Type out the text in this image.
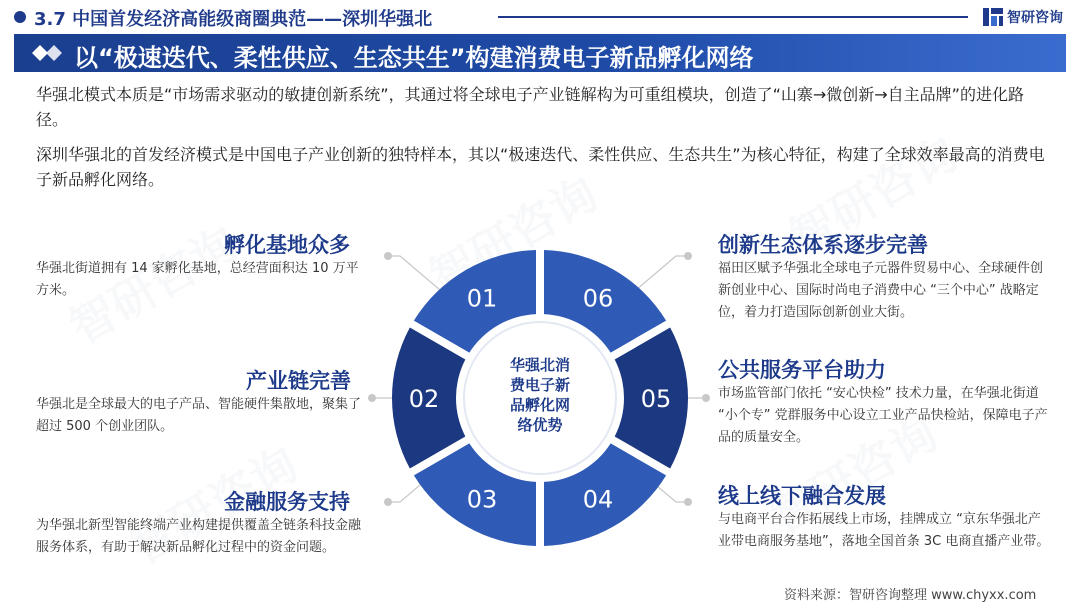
3.7 中国首发经济高能级商圈典范——深圳华强北	智研咨询
以“极速迭代、柔性供应、生态共生”构建消费电子新品孵化网络
华强北模式本质是“市场需求驱动的敏捷创新系统”，其通过将全球电子产业链解构为可重组模块，创造了“山寨→微创新→自主品牌”的进化路径。
深圳华强北的首发经济模式是中国电子产业创新的独特样本，其以“极速迭代、柔性供应、生态共生”为核心特征，构建了全球效率最高的消费电子新品孵化网络。
01
02
03	04
05
06
华强北消
费电子新
品孵化网
络优势
孵化基地众多
华强北街道拥有 14 家孵化基地，总经营面积达 10 万平方米。
产业链完善
华强北是全球最大的电子产品、智能硬件集散地，聚集了超过 500 个创业团队。
金融服务支持
为华强北新型智能终端产业构建提供覆盖全链条科技金融服务体系，有助于解决新品孵化过程中的资金问题。
创新生态体系逐步完善
福田区赋予华强北全球电子元器件贸易中心、全球硬件创新创业中心、国际时尚电子消费中心 “三个中心” 战略定位，着力打造国际创新创业大街。
公共服务平台助力
市场监管部门依托 “安心快检” 技术力量，在华强北街道 “小个专” 党群服务中心设立工业产品快检站，保障电子产品的质量安全。
线上线下融合发展
与电商平台合作拓展线上市场，挂牌成立 “京东华强北产业带电商服务基地”，落地全国首条 3C 电商直播产业带。
资料来源：智研咨询整理 www.chyxx.com
